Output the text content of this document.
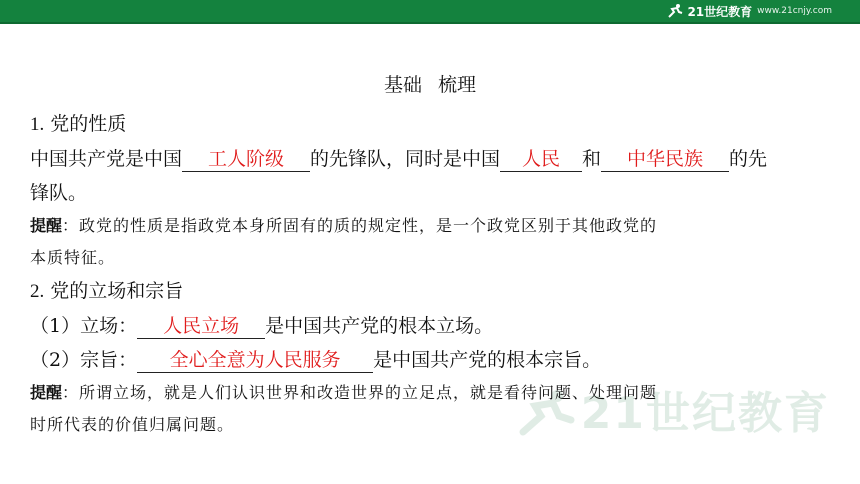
21世纪教育 www.21cnjy.com
21世纪教育
基础 梳理
1. 党的性质
中国共产党是中国 工人阶级 的先锋队，同时是中国 人民 和 中华民族 的先
锋队。
提醒：政党的性质是指政党本身所固有的质的规定性，是一个政党区别于其他政党的
本质特征。
2. 党的立场和宗旨
（1）立场： 人民立场 是中国共产党的根本立场。
（2）宗旨： 全心全意为人民服务 是中国共产党的根本宗旨。
提醒：所谓立场，就是人们认识世界和改造世界的立足点，就是看待问题、处理问题
时所代表的价值归属问题。
